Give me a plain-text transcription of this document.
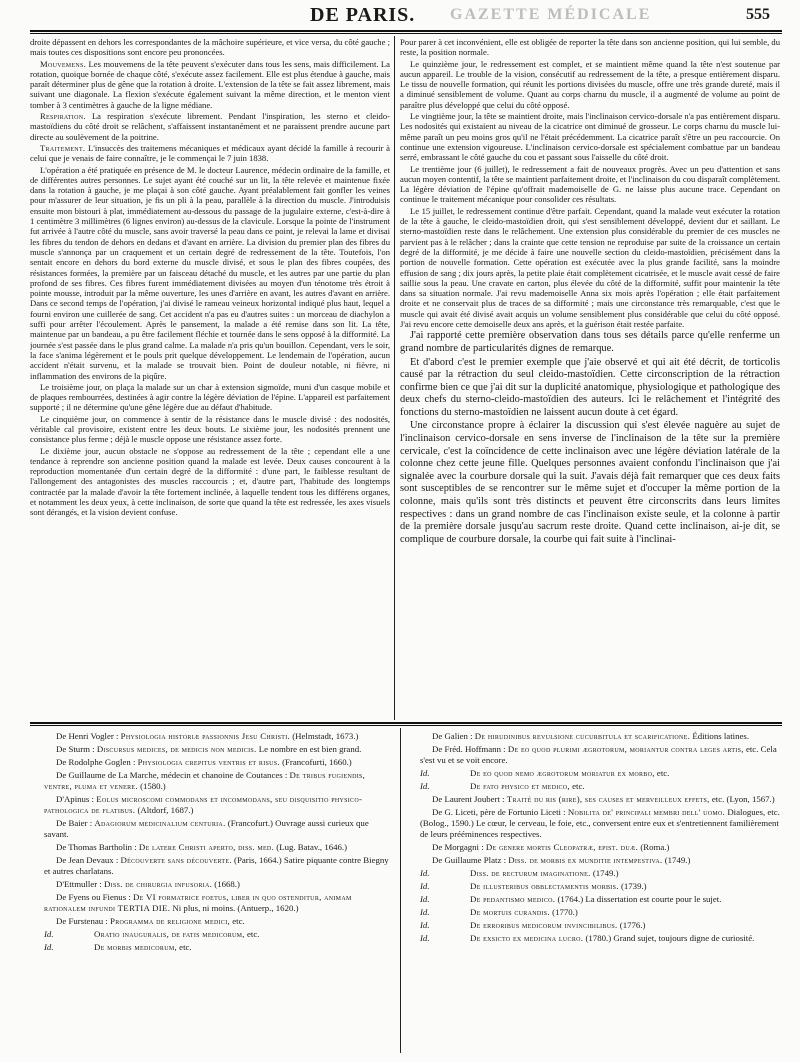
DE PARIS. GAZETTE MÉDICALE	555

droite dépassent en dehors les correspondantes de la mâchoire supérieure, et vice versa, du côté gauche ; mais toutes ces dispositions sont encore peu prononcées.

Mouvemens. Les mouvemens de la tête peuvent s'exécuter dans tous les sens, mais difficilement. La rotation, quoique bornée de chaque côté, s'exécute assez facilement. Elle est plus étendue à gauche, mais paraît déterminer plus de gêne que la rotation à droite. L'extension de la tête se fait assez librement, mais suivant une diagonale. La flexion s'exécute également suivant la même direction, et le menton vient tomber à 3 centimètres à gauche de la ligne médiane.

Respiration. La respiration s'exécute librement. Pendant l'inspiration, les sterno et cleido-mastoïdiens du côté droit se relâchent, s'affaissent instantanément et ne paraissent prendre aucune part directe au soulèvement de la poitrine.

Traitement. L'insuccès des traitemens mécaniques et médicaux ayant décidé la famille à recourir à celui que je venais de faire connaître, je le commençai le 7 juin 1838.

L'opération a été pratiquée en présence de M. le docteur Laurence, médecin ordinaire de la famille, et de différentes autres personnes. Le sujet ayant été couché sur un lit, la tête relevée et maintenue fixée dans la rotation à gauche, je me plaçai à son côté gauche. Ayant préalablement fait gonfler les veines pour m'assurer de leur situation, je fis un pli à la peau, parallèle à la direction du muscle. J'introduisis ensuite mon bistouri à plat, immédiatement au-dessous du passage de la jugulaire externe, c'est-à-dire à 1 centimètre 3 millimètres (6 lignes environ) au-dessus de la clavicule. Lorsque la pointe de l'instrument fut arrivée à l'autre côté du muscle, sans avoir traversé la peau dans ce point, je relevai la lame et divisai les fibres du tendon de dehors en dedans et d'avant en arrière. La division du premier plan des fibres du muscle s'annonça par un craquement et un certain degré de redressement de la tête. Toutefois, l'on sentait encore en dehors du bord externe du muscle divisé, et sous le plan des fibres coupées, des résistances formées, la première par un faisceau détaché du muscle, et les autres par une partie du plan profond de ses fibres. Ces fibres furent immédiatement divisées au moyen d'un ténotome très étroit à pointe mousse, introduit par la même ouverture, les unes d'arrière en avant, les autres d'avant en arrière. Dans ce second temps de l'opération, j'ai divisé le rameau veineux horizontal indiqué plus haut, lequel a fourni environ une cuillerée de sang. Cet accident n'a pas eu d'autres suites : un morceau de diachylon a suffi pour arrêter l'écoulement. Après le pansement, la malade a été remise dans son lit. La tête, maintenue par un bandeau, a pu être facilement fléchie et tournée dans le sens opposé à la difformité. La journée s'est passée dans le plus grand calme. La malade n'a pris qu'un bouillon. Cependant, vers le soir, la face s'anima légèrement et le pouls prit quelque développement. Le lendemain de l'opération, aucun accident n'était survenu, et la malade se trouvait bien. Point de douleur notable, ni fièvre, ni inflammation des environs de la piqûre.

Le troisième jour, on plaça la malade sur un char à extension sigmoïde, muni d'un casque mobile et de plaques rembourrées, destinées à agir contre la légère déviation de l'épine. L'appareil est parfaitement supporté ; il ne détermine qu'une gêne légère due au défaut d'habitude.

Le cinquième jour, on commence à sentir de la résistance dans le muscle divisé : des nodosités, véritable cal provisoire, existent entre les deux bouts. Le sixième jour, les nodosités prennent une consistance plus ferme ; déjà le muscle oppose une résistance assez forte.

Le dixième jour, aucun obstacle ne s'oppose au redressement de la tête ; cependant elle a une tendance à reprendre son ancienne position quand la malade est levée. Deux causes concourent à la reproduction momentanée d'un certain degré de la difformité : d'une part, le faiblesse resultant de l'allongement des antagonistes des muscles raccourcis ; et, d'autre part, l'habitude des longtemps contractée par la malade d'avoir la tête fortement inclinée, à laquelle tendent tous les différens organes, et notamment les deux yeux, à cette inclinaison, de sorte que quand la tête est redressée, les axes visuels sont dérangés, et la vision devient confuse.

Pour parer à cet inconvénient, elle est obligée de reporter la tête dans son ancienne position, qui lui semble, du reste, la position normale.

Le quinzième jour, le redressement est complet, et se maintient même quand la tête n'est soutenue par aucun appareil. Le trouble de la vision, consécutif au redressement de la tête, a presque entièrement disparu. Le tissu de nouvelle formation, qui réunit les portions divisées du muscle, offre une très grande dureté, mais il a diminué sensiblement de volume. Quant au corps charnu du muscle, il a augmenté de volume au point de paraître plus développé que celui du côté opposé.

Le vingtième jour, la tête se maintient droite, mais l'inclinaison cervico-dorsale n'a pas entièrement disparu. Les nodosités qui existaient au niveau de la cicatrice ont diminué de grosseur. Le corps charnu du muscle lui-même paraît un peu moins gros qu'il ne l'était précédemment. La cicatrice paraît s'être un peu raccourcie. On continue une extension vigoureuse. L'inclinaison cervico-dorsale est spécialement combattue par un bandeau serré, embrassant le côté gauche du cou et passant sous l'aisselle du côté droit.

Le trentième jour (6 juillet), le redressement a fait de nouveaux progrès. Avec un peu d'attention et sans aucun moyen contentif, la tête se maintient parfaitement droite, et l'inclinaison du cou disparaît complètement. La légère déviation de l'épine qu'offrait mademoiselle de G. ne laisse plus aucune trace. Cependant on continue le traitement mécanique pour consolider ces résultats.

Le 15 juillet, le redressement continue d'être parfait. Cependant, quand la malade veut exécuter la rotation de la tête à gauche, le cleido-mastoïdien droit, qui s'est sensiblement développé, devient dur et saillant. Le sterno-mastoïdien reste dans le relâchement. Une extension plus considérable du premier de ces muscles ne parvient pas à le relâcher ; dans la crainte que cette tension ne reproduise par suite de la croissance un certain degré de la difformité, je me décide à faire une nouvelle section du cleido-mastoïdien, précisément dans la portion de nouvelle formation. Cette opération est exécutée avec la plus grande facilité, sans la moindre effusion de sang ; dix jours après, la petite plaie était complètement cicatrisée, et le muscle avait cessé de faire saillie sous la peau. Une cravate en carton, plus élevée du côté de la difformité, suffit pour maintenir la tête dans sa situation normale. J'ai revu mademoiselle Anna six mois après l'opération ; elle était parfaitement droite et ne conservait plus de traces de sa difformité ; mais une circonstance très remarquable, c'est que le muscle qui avait été divisé avait acquis un volume sensiblement plus considérable que celui du côté opposé. J'ai revu encore cette demoiselle deux ans après, et la guérison était restée parfaite.

J'ai rapporté cette première observation dans tous ses détails parce qu'elle renferme un grand nombre de particularités dignes de remarque.

Et d'abord c'est le premier exemple que j'aie observé et qui ait été décrit, de torticolis causé par la rétraction du seul cleido-mastoïdien. Cette circonscription de la rétraction confirme bien ce que j'ai dit sur la duplicité anatomique, physiologique et pathologique des deux chefs du sterno-cleido-mastoïdien des auteurs. Ici le relâchement et l'intégrité des fonctions du sterno-mastoïdien ne laissent aucun doute à cet égard.

Une circonstance propre à éclairer la discussion qui s'est élevée naguère au sujet de l'inclinaison cervico-dorsale en sens inverse de l'inclinaison de la tête sur la première cervicale, c'est la coïncidence de cette inclinaison avec une légère déviation latérale de la colonne chez cette jeune fille. Quelques personnes avaient confondu l'inclinaison que j'ai signalée avec la courbure dorsale qui la suit. J'avais déjà fait remarquer que ces deux faits sont susceptibles de se rencontrer sur le même sujet et d'occuper la même portion de la colonne, mais qu'ils sont très distincts et peuvent être circonscrits dans leurs limites respectives : dans un grand nombre de cas l'inclinaison existe seule, et la colonne à partir de la première dorsale jusqu'au sacrum reste droite. Quand cette inclinaison, ai-je dit, se complique de courbure dorsale, la courbe qui fait suite à l'inclinai-

De Henri Vogler : Physiologia historiæ passionnis Jesu Christi. (Helmstadt, 1673.)
De Sturm : Discursus medices, de medicis non medicis. Le nombre en est bien grand.
De Rodolphe Goglen : Physiologia crepitus ventris et risus. (Francofurti, 1660.)
De Guillaume de La Marche, médecin et chanoine de Coutances : De tribus fugiendis, ventre, pluma et venere. (1580.)
D'Apinus : Eolus microscomi commodans et incommodans, seu disquisitio physico-pathologica de flatibus. (Altdorf, 1687.)
De Baier : Adagiorum medicinalium centuria. (Francofurt.) Ouvrage aussi curieux que savant.
De Thomas Bartholin : De latere Christi aperto, diss. med. (Lug. Batav., 1646.)
De Jean Devaux : Découverte sans découverte. (Paris, 1664.) Satire piquante contre Biegny et autres charlatans.
D'Ettmuller : Diss. de chirurgia infusoria. (1668.)
De Fyens ou Fienus : De VI formatrice foetus, liber in quo ostenditur, animam rationalem infundi TERTIA DIE. Ni plus, ni moins. (Antuerp., 1620.)
De Furstenau : Programma de religione medici, etc.
Id.	Oratio inauguralis, de fatis medicorum, etc.
Id.	De morbis medicorum, etc.
De Galien : De hirudinibus revulsione cucurbitula et scarificatione. Éditions latines.
De Fréd. Hoffmann : De eo quod plurimi ægrotorum, moriantur contra leges artis, etc. Cela s'est vu et se voit encore.
Id.	De eo quod nemo ægrotorum moriatur ex morbo, etc.
Id.	De fato physico et medico, etc.
De Laurent Joubert : Traité du ris (rire), ses causes et merveilleux effets, etc. (Lyon, 1567.)
De G. Liceti, père de Fortunio Liceti : Nobilita de' principali membri dell' uomo. Dialogues, etc. (Bolog., 1590.) Le cœur, le cerveau, le foie, etc., conversent entre eux et s'entretiennent familièrement de leurs prééminences respectives.
De Morgagni : De genere mortis Cleopatræ, epist. duæ. (Roma.)
De Guillaume Platz : Diss. de morbis ex munditie intempestiva. (1749.)
Id.	Diss. de recturum imaginatione. (1749.)
Id.	De illusteribus obblectamentis morbis. (1739.)
Id.	De pedantismo medico. (1764.) La dissertation est courte pour le sujet.
Id.	De mortuis curandis. (1770.)
Id.	De erroribus medicorum invincibilibus. (1776.)
Id.	De exsicto ex medicina lucro. (1780.) Grand sujet, toujours digne de curiosité.
